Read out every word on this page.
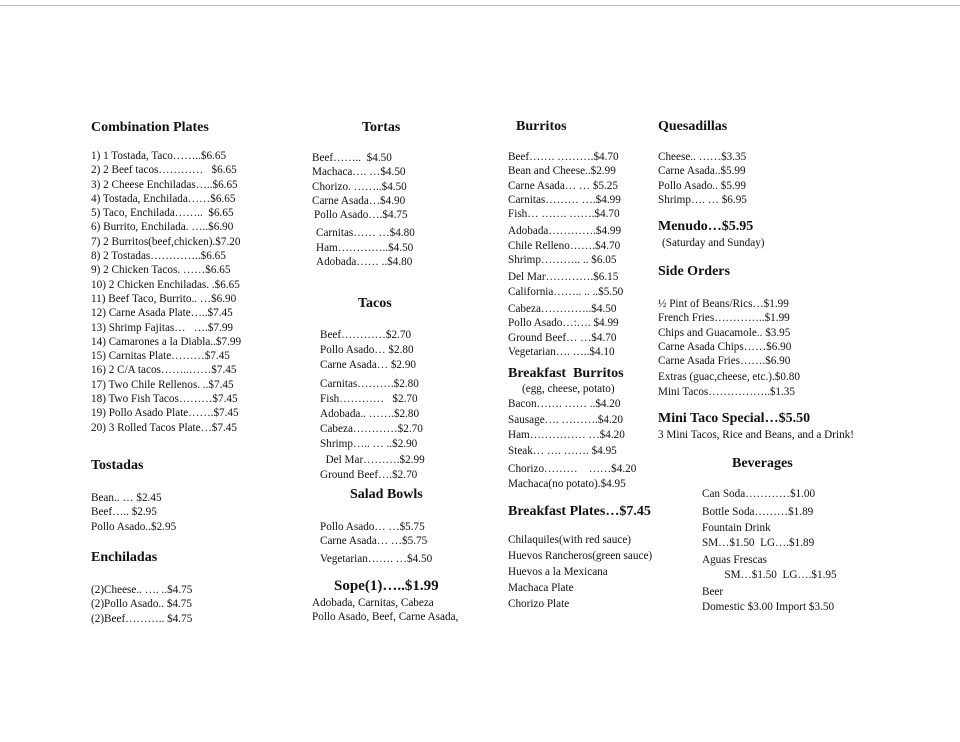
Combination Plates
1) 1 Tostada, Taco……..$6.65
2) 2 Beef tacos…………   $6.65
3) 2 Cheese Enchiladas…..$6.65
4) Tostada, Enchilada……$6.65
5) Taco, Enchilada……..  $6.65
6) Burrito, Enchilada. …..$6.90
7) 2 Burritos(beef,chicken).$7.20
8) 2 Tostadas…………..$6.65
9) 2 Chicken Tacos. ……$6.65
10) 2 Chicken Enchiladas. .$6.65
11) Beef Taco, Burrito.. …$6.90
12) Carne Asada Plate…..$7.45
13) Shrimp Fajitas…   ….$7.99
14) Camarones a la Diabla..$7.99
15) Carnitas Plate………$7.45
16) 2 C/A tacos……..……$7.45
17) Two Chile Rellenos. ..$7.45
18) Two Fish Tacos………$7.45
19) Pollo Asado Plate…….$7.45
20) 3 Rolled Tacos Plate…$7.45
Tostadas
Bean.. … $2.45
Beef….. $2.95
Pollo Asado..$2.95
Enchiladas
(2)Cheese.. …. ..$4.75
(2)Pollo Asado.. $4.75
(2)Beef……….. $4.75
Tortas
Beef……..  $4.50
Machaca…. …$4.50
Chorizo. ……..$4.50
Carne Asada…$4.90
Pollo Asado….$4.75
Carnitas…… …$4.80
Ham…………..$4.50
Adobada…… ..$4.80
Tacos
Beef…………$2.70
Pollo Asado… $2.80
Carne Asada… $2.90
Carnitas……….$2.80
Fish…………   $2.70
Adobada.. …….$2.80
Cabeza…………$2.70
Shrimp….. … ..$2.90
Del Mar……….$2.99
Ground Beef….$2.70
Salad Bowls
Pollo Asado… …$5.75
Carne Asada… …$5.75
Vegetarian……. …$4.50
Sope(1)…..$1.99
Adobada, Carnitas, Cabeza
Pollo Asado, Beef, Carne Asada,
Burritos
Beef……. ……….$4.70
Bean and Cheese..$2.99
Carne Asada… … $5.25
Carnitas……… ….$4.99
Fish… ……. …….$4.70
Adobada………….$4.99
Chile Relleno…….$4.70
Shrimp……….. .. $6.05
Del Mar………….$6.15
California…….. .. ..$5.50
Cabeza…………..$4.50
Pollo Asado…:…. $4.99
Ground Beef… …$4.70
Vegetarian…. …..$4.10
Breakfast  Burritos
(egg, cheese, potato)
Bacon……. …… ..$4.20
Sausage…. ……….$4.20
Ham…………… …$4.20
Steak… …. ……. $4.95
Chorizo………    ……$4.20
Machaca(no potato).$4.95
Breakfast Plates…$7.45
Chilaquiles(with red sauce)
Huevos Rancheros(green sauce)
Huevos a la Mexicana
Machaca Plate
Chorizo Plate
Quesadillas
Cheese.. ……$3.35
Carne Asada..$5.99
Pollo Asado.. $5.99
Shrimp…. … $6.95
Menudo…$5.95
(Saturday and Sunday)
Side Orders
½ Pint of Beans/Rics…$1.99
French Fries…………..$1.99
Chips and Guacamole.. $3.95
Carne Asada Chips……$6.90
Carne Asada Fries…….$6.90
Extras (guac,cheese, etc.).$0.80
Mini Tacos……………..$1.35
Mini Taco Special…$5.50
3 Mini Tacos, Rice and Beans, and a Drink!
Beverages
Can Soda…………$1.00
Bottle Soda………$1.89
Fountain Drink
SM…$1.50  LG….$1.89
Aguas Frescas
SM…$1.50  LG….$1.95
Beer
Domestic $3.00 Import $3.50
